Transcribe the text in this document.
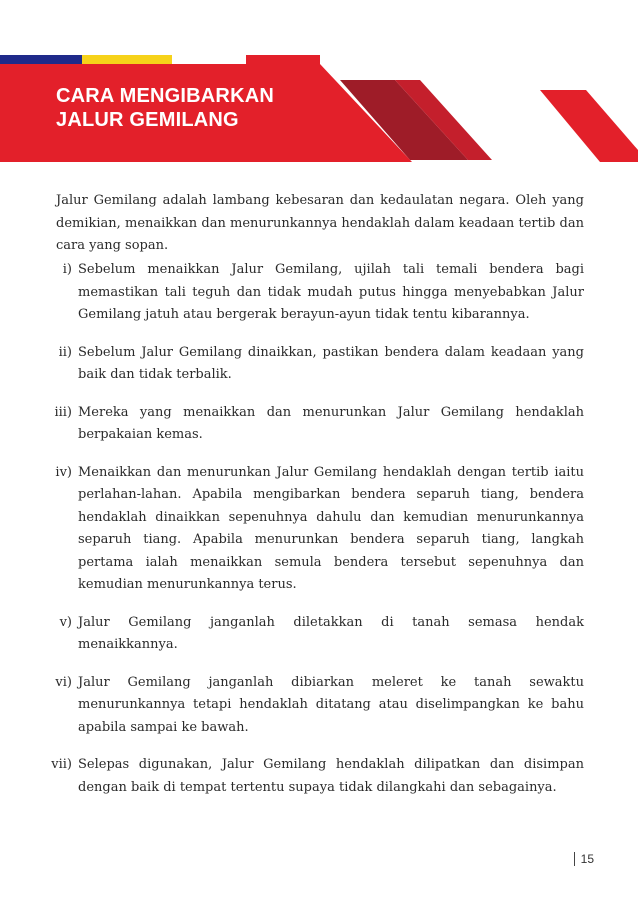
CARA MENGIBARKAN
JALUR GEMILANG

Jalur Gemilang adalah lambang kebesaran dan kedaulatan negara. Oleh yang demikian, menaikkan dan menurunkannya hendaklah dalam keadaan tertib dan cara yang sopan.

i) Sebelum menaikkan Jalur Gemilang, ujilah tali temali bendera bagi memastikan tali teguh dan tidak mudah putus hingga menyebabkan Jalur Gemilang jatuh atau bergerak berayun-ayun tidak tentu kibarannya.
ii) Sebelum Jalur Gemilang dinaikkan, pastikan bendera dalam keadaan yang baik dan tidak terbalik.
iii) Mereka yang menaikkan dan menurunkan Jalur Gemilang hendaklah berpakaian kemas.
iv) Menaikkan dan menurunkan Jalur Gemilang hendaklah dengan tertib iaitu perlahan-lahan. Apabila mengibarkan bendera separuh tiang, bendera hendaklah dinaikkan sepenuhnya dahulu dan kemudian menurunkannya separuh tiang. Apabila menurunkan bendera separuh tiang, langkah pertama ialah menaikkan semula bendera tersebut sepenuhnya dan kemudian menurunkannya terus.
v) Jalur Gemilang janganlah diletakkan di tanah semasa hendak menaikkannya.
vi) Jalur Gemilang janganlah dibiarkan meleret ke tanah sewaktu menurunkannya tetapi hendaklah ditatang atau diselimpangkan ke bahu apabila sampai ke bawah.
vii) Selepas digunakan, Jalur Gemilang hendaklah dilipatkan dan disimpan dengan baik di tempat tertentu supaya tidak dilangkahi dan sebagainya.
15
